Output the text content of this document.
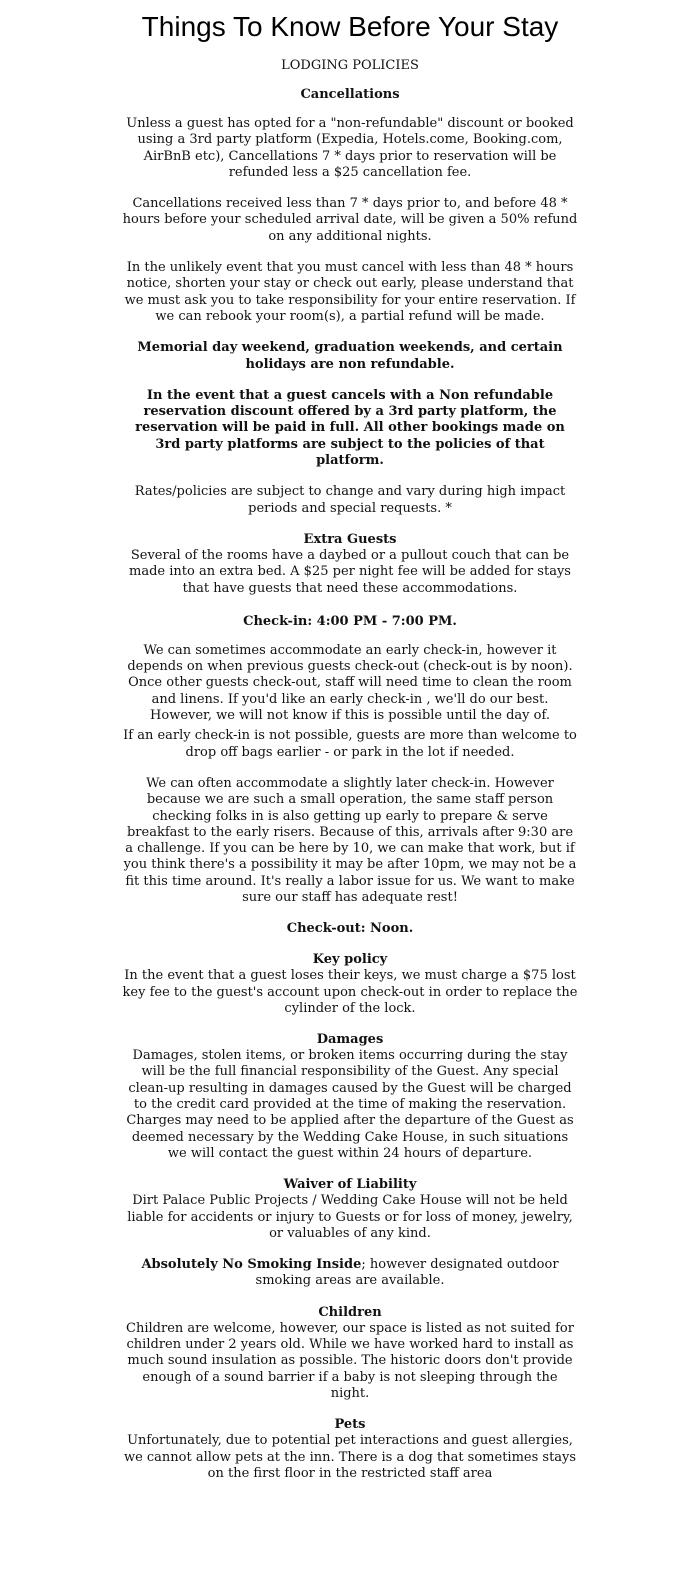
Things To Know Before Your Stay
LODGING POLICIES
Cancellations

Unless a guest has opted for a "non-refundable" discount or booked using a 3rd party platform (Expedia, Hotels.come, Booking.com, AirBnB etc), Cancellations 7 * days prior to reservation will be refunded less a $25 cancellation fee.

Cancellations received less than 7 * days prior to, and before 48 * hours before your scheduled arrival date, will be given a 50% refund on any additional nights.

In the unlikely event that you must cancel with less than 48 * hours notice, shorten your stay or check out early, please understand that we must ask you to take responsibility for your entire reservation. If we can rebook your room(s), a partial refund will be made.

Memorial day weekend, graduation weekends, and certain holidays are non refundable.

In the event that a guest cancels with a Non refundable reservation discount offered by a 3rd party platform, the reservation will be paid in full. All other bookings made on 3rd party platforms are subject to the policies of that platform.

Rates/policies are subject to change and vary during high impact periods and special requests. *

Extra Guests

Several of the rooms have a daybed or a pullout couch that can be made into an extra bed. A $25 per night fee will be added for stays that have guests that need these accommodations.

Check-in: 4:00 PM - 7:00 PM.

We can sometimes accommodate an early check-in, however it depends on when previous guests check-out (check-out is by noon). Once other guests check-out, staff will need time to clean the room and linens. If you'd like an early check-in , we'll do our best. However, we will not know if this is possible until the day of.

If an early check-in is not possible, guests are more than welcome to drop off bags earlier - or park in the lot if needed.

We can often accommodate a slightly later check-in. However because we are such a small operation, the same staff person checking folks in is also getting up early to prepare & serve breakfast to the early risers. Because of this, arrivals after 9:30 are a challenge. If you can be here by 10, we can make that work, but if you think there's a possibility it may be after 10pm, we may not be a fit this time around. It's really a labor issue for us. We want to make sure our staff has adequate rest!

Check-out: Noon.
Key policy

In the event that a guest loses their keys, we must charge a $75 lost key fee to the guest's account upon check-out in order to replace the cylinder of the lock.

Damages

Damages, stolen items, or broken items occurring during the stay will be the full financial responsibility of the Guest. Any special clean-up resulting in damages caused by the Guest will be charged to the credit card provided at the time of making the reservation. Charges may need to be applied after the departure of the Guest as deemed necessary by the Wedding Cake House, in such situations we will contact the guest within 24 hours of departure.

Waiver of Liability

Dirt Palace Public Projects / Wedding Cake House will not be held liable for accidents or injury to Guests or for loss of money, jewelry, or valuables of any kind.

Absolutely No Smoking Inside; however designated outdoor smoking areas are available.

Children

Children are welcome, however, our space is listed as not suited for children under 2 years old. While we have worked hard to install as much sound insulation as possible. The historic doors don't provide enough of a sound barrier if a baby is not sleeping through the night.

Pets

Unfortunately, due to potential pet interactions and guest allergies, we cannot allow pets at the inn. There is a dog that sometimes stays on the first floor in the restricted staff area
